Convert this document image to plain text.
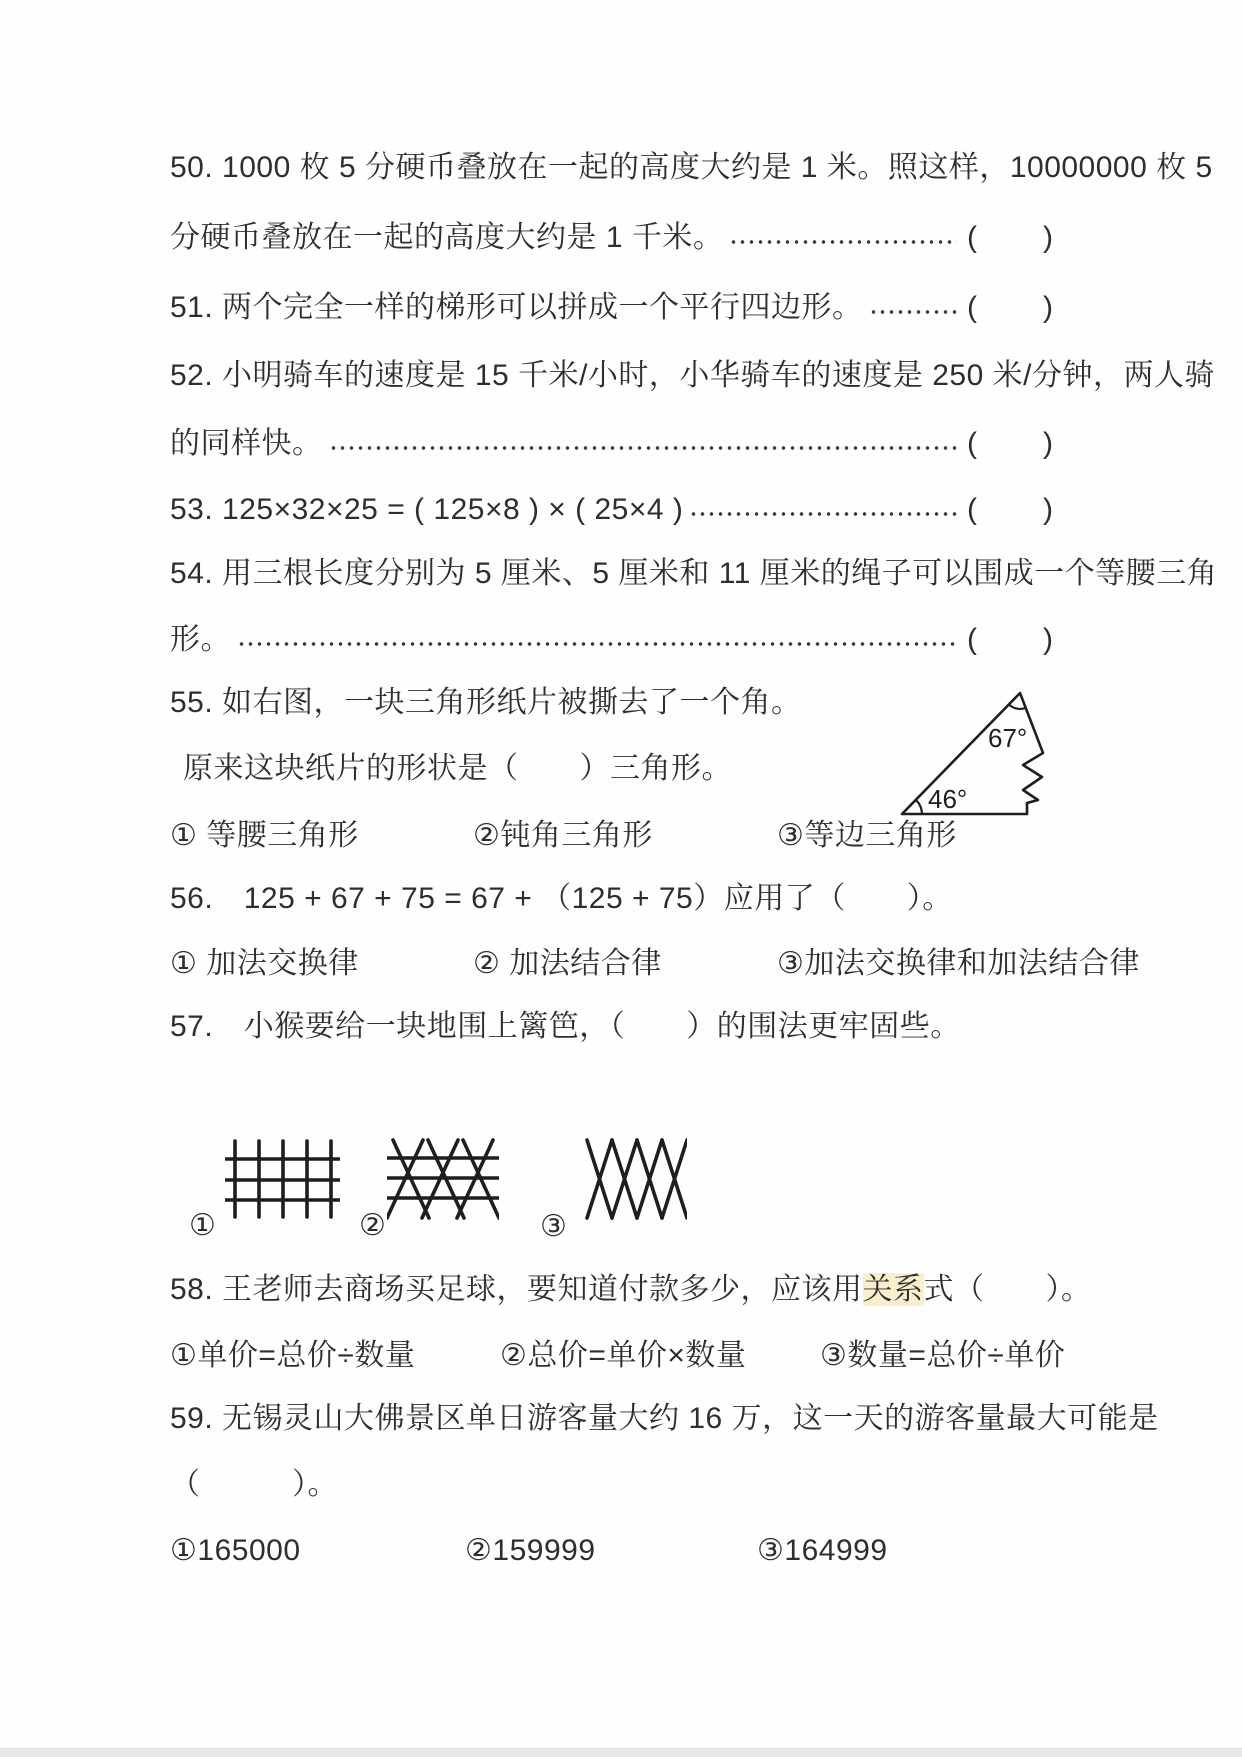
50. 1000 枚 5 分硬币叠放在一起的高度大约是 1 米。照这样，10000000 枚 5
分硬币叠放在一起的高度大约是 1 千米。	(　　)
51. 两个完全一样的梯形可以拼成一个平行四边形。	(　　)
52. 小明骑车的速度是 15 千米/小时，小华骑车的速度是 250 米/分钟，两人骑
的同样快。	(　　)
53. 125×32×25 = ( 125×8 ) × ( 25×4 )	(　　)
54. 用三根长度分别为 5 厘米、5 厘米和 11 厘米的绳子可以围成一个等腰三角
形。	(　　)
55. 如右图，一块三角形纸片被撕去了一个角。
原来这块纸片的形状是（　　）三角形。
① 等腰三角形	②钝角三角形	③等边三角形
67°
46°
56.　125 + 67 + 75 = 67 + （125 + 75）应用了（　　）。
① 加法交换律	② 加法结合律	③加法交换律和加法结合律
57.　小猴要给一块地围上篱笆，（　　）的围法更牢固些。
①	②	③
58. 王老师去商场买足球，要知道付款多少，应该用关系式（　　）。
①单价=总价÷数量	②总价=单价×数量 ③数量=总价÷单价
59. 无锡灵山大佛景区单日游客量大约 16 万，这一天的游客量最大可能是
（　　　）。
①165000	②159999	③164999
